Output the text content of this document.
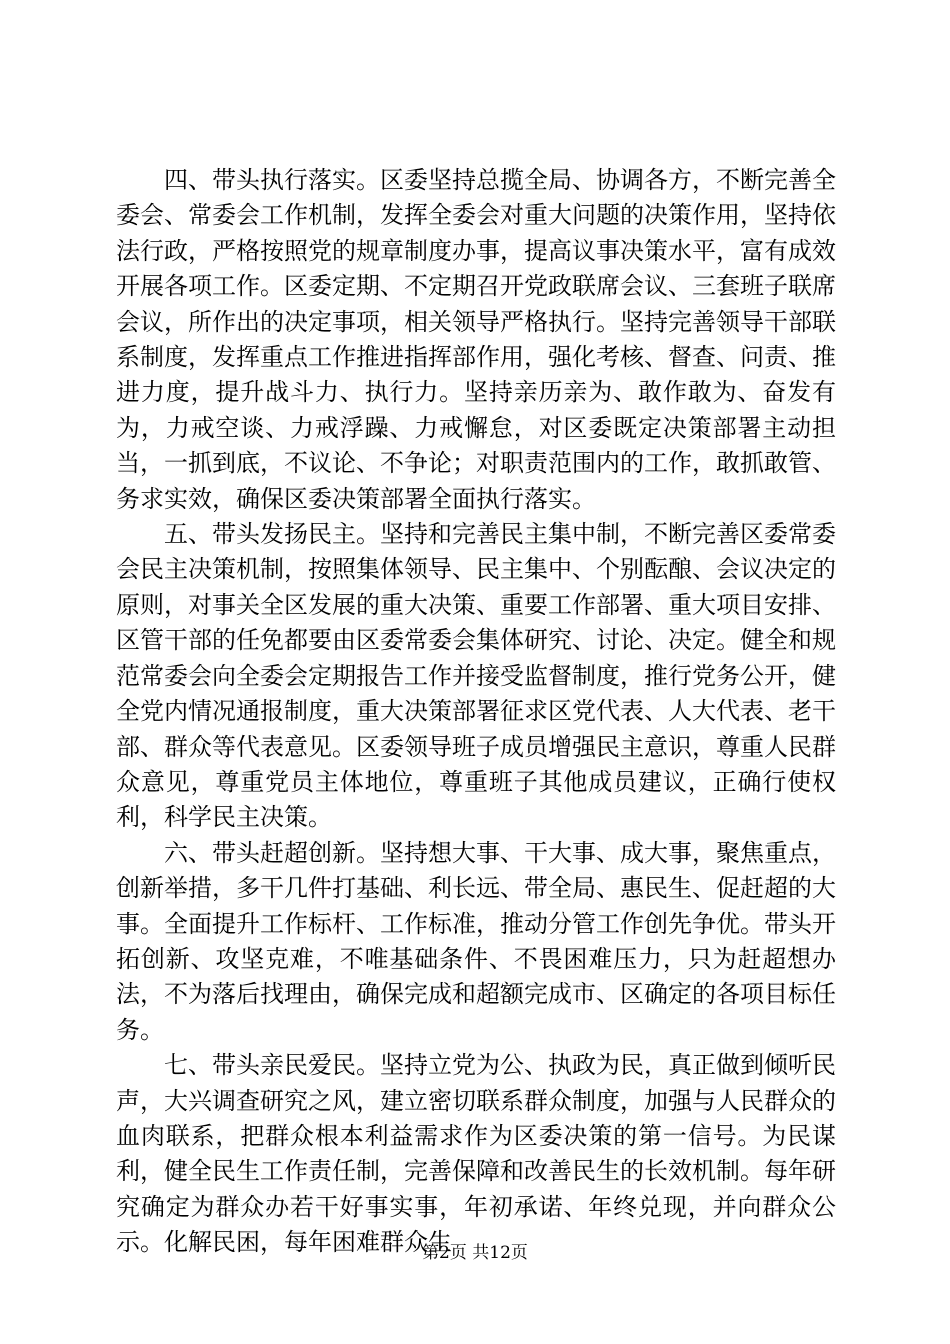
四、带头执行落实。区委坚持总揽全局、协调各方，不断完善全委会、常委会工作机制，发挥全委会对重大问题的决策作用，坚持依法行政，严格按照党的规章制度办事，提高议事决策水平，富有成效开展各项工作。区委定期、不定期召开党政联席会议、三套班子联席会议，所作出的决定事项，相关领导严格执行。坚持完善领导干部联系制度，发挥重点工作推进指挥部作用，强化考核、督查、问责、推进力度，提升战斗力、执行力。坚持亲历亲为、敢作敢为、奋发有为，力戒空谈、力戒浮躁、力戒懈怠，对区委既定决策部署主动担当，一抓到底，不议论、不争论；对职责范围内的工作，敢抓敢管、务求实效，确保区委决策部署全面执行落实。

五、带头发扬民主。坚持和完善民主集中制，不断完善区委常委会民主决策机制，按照集体领导、民主集中、个别酝酿、会议决定的原则，对事关全区发展的重大决策、重要工作部署、重大项目安排、区管干部的任免都要由区委常委会集体研究、讨论、决定。健全和规范常委会向全委会定期报告工作并接受监督制度，推行党务公开，健全党内情况通报制度，重大决策部署征求区党代表、人大代表、老干部、群众等代表意见。区委领导班子成员增强民主意识，尊重人民群众意见，尊重党员主体地位，尊重班子其他成员建议，正确行使权利，科学民主决策。

六、带头赶超创新。坚持想大事、干大事、成大事，聚焦重点，创新举措，多干几件打基础、利长远、带全局、惠民生、促赶超的大事。全面提升工作标杆、工作标准，推动分管工作创先争优。带头开拓创新、攻坚克难，不唯基础条件、不畏困难压力，只为赶超想办法，不为落后找理由，确保完成和超额完成市、区确定的各项目标任务。

七、带头亲民爱民。坚持立党为公、执政为民，真正做到倾听民声，大兴调查研究之风，建立密切联系群众制度，加强与人民群众的血肉联系，把群众根本利益需求作为区委决策的第一信号。为民谋利，健全民生工作责任制，完善保障和改善民生的长效机制。每年研究确定为群众办若干好事实事，年初承诺、年终兑现，并向群众公示。化解民困，每年困难群众生

第2页 共12页
